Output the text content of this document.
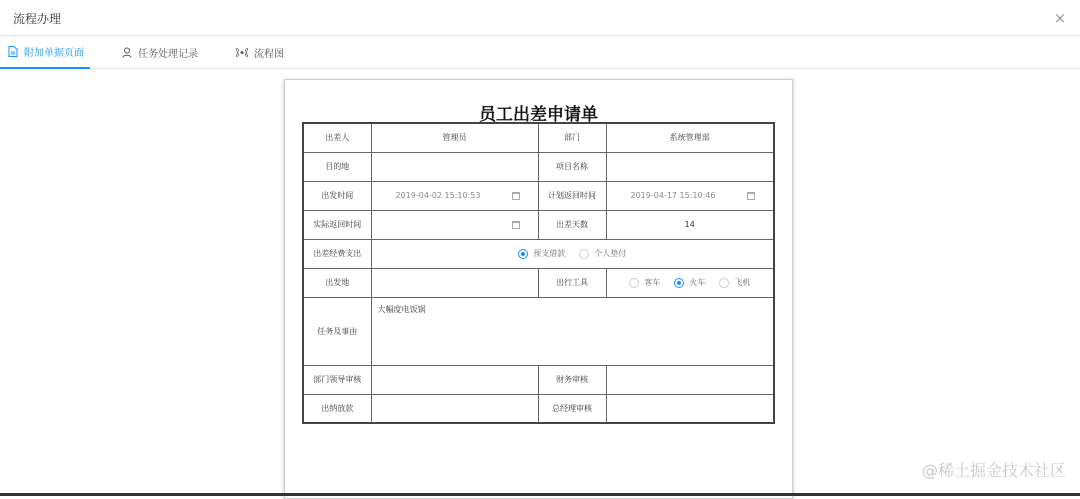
流程办理	×
附加单据页面	任务处理记录	流程图
员工出差申请单
出差人	管理员	部门	系统管理部
目的地		项目名称	
出发时间	2019-04-02 15:10:53	计划返回时间	2019-04-17 15:10:46

实际返回时间		出差天数	14
出差经费支出	预支借款 个人垫付		

出发地		出行工具	客车 火车 飞机

任务及事由	大幅度电饭锅		
部门领导审核		财务审核	
出纳放款		总经理审核	
@稀土掘金技术社区
